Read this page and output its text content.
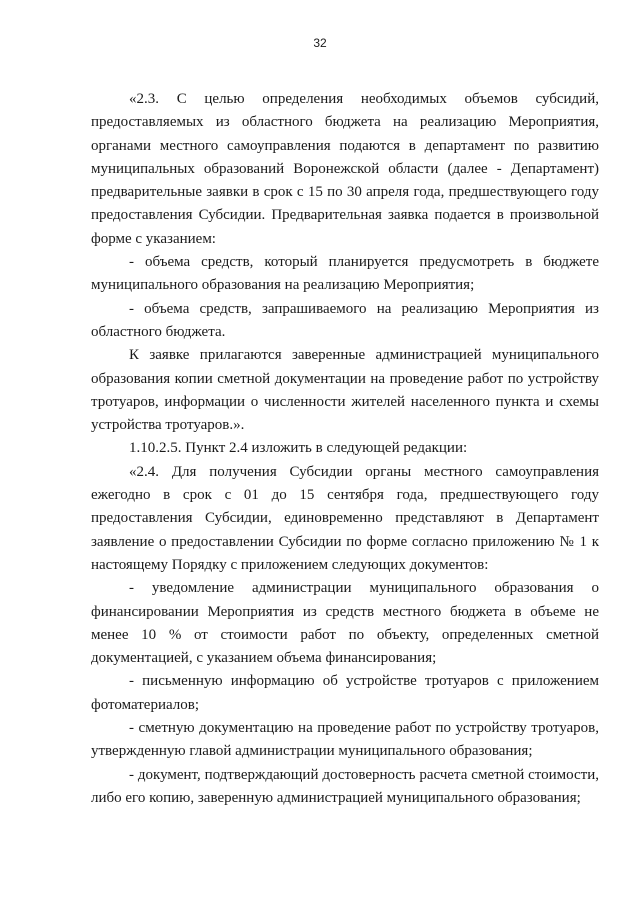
32

«2.3. С целью определения необходимых объемов субсидий, предоставляемых из областного бюджета на реализацию Мероприятия, органами местного самоуправления подаются в департамент по развитию муниципальных образований Воронежской области (далее - Департамент) предварительные заявки в срок с 15 по 30 апреля года, предшествующего году предоставления Субсидии. Предварительная заявка подается в произвольной форме с указанием:

- объема средств, который планируется предусмотреть в бюджете муниципального образования на реализацию Мероприятия;

- объема средств, запрашиваемого на реализацию Мероприятия из областного бюджета.

К заявке прилагаются заверенные администрацией муниципального образования копии сметной документации на проведение работ по устройству тротуаров, информации о численности жителей населенного пункта и схемы устройства тротуаров.».

1.10.2.5. Пункт 2.4 изложить в следующей редакции:

«2.4. Для получения Субсидии органы местного самоуправления ежегодно в срок с 01 до 15 сентября года, предшествующего году предоставления Субсидии, единовременно представляют в Департамент заявление о предоставлении Субсидии по форме согласно приложению № 1 к настоящему Порядку с приложением следующих документов:

- уведомление администрации муниципального образования о финансировании Мероприятия из средств местного бюджета в объеме не менее 10 % от стоимости работ по объекту, определенных сметной документацией, с указанием объема финансирования;

- письменную информацию об устройстве тротуаров с приложением фотоматериалов;

- сметную документацию на проведение работ по устройству тротуаров, утвержденную главой администрации муниципального образования;

- документ, подтверждающий достоверность расчета сметной стоимости, либо его копию, заверенную администрацией муниципального образования;
